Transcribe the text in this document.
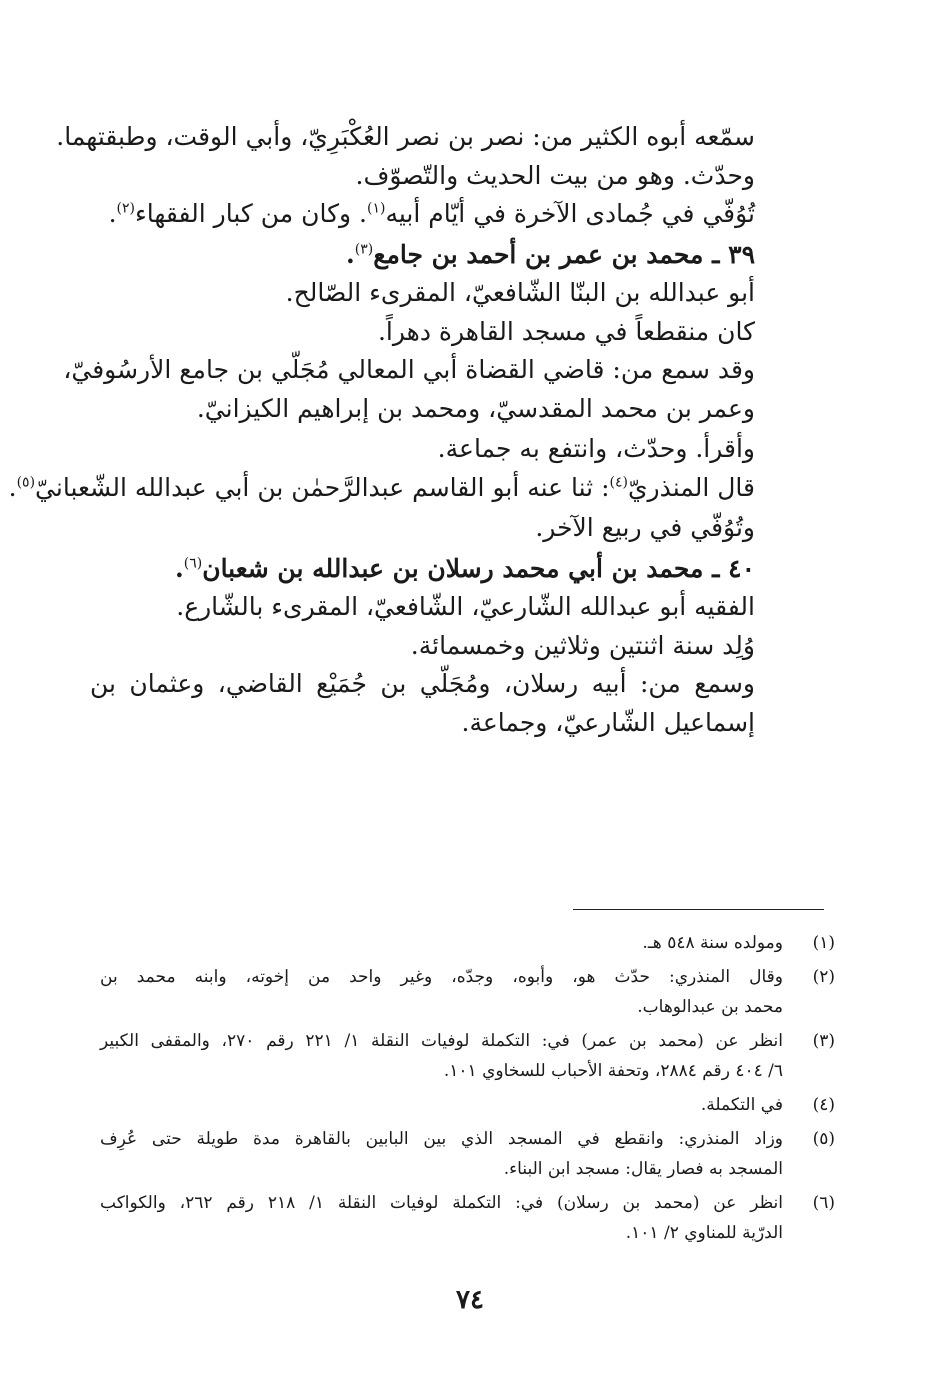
سمّعه أبوه الكثير من: نصر بن نصر العُكْبَرِيّ، وأبي الوقت، وطبقتهما.
وحدّث. وهو من بيت الحديث والتّصوّف.
تُوُفّي في جُمادى الآخرة في أيّام أبيه$^{(١)}$. وكان من كبار الفقهاء$^{(٢)}$.
٣٩ ـ محمد بن عمر بن أحمد بن جامع$^{(٣)}$.
أبو عبدالله بن البنّا الشّافعيّ، المقرىء الصّالح.
كان منقطعاً في مسجد القاهرة دهراً.
وقد سمع من: قاضي القضاة أبي المعالي مُجَلّي بن جامع الأرسُوفيّ،
وعمر بن محمد المقدسيّ، ومحمد بن إبراهيم الكيزانيّ.
وأقرأ. وحدّث، وانتفع به جماعة.
قال المنذريّ$^{(٤)}$: ثنا عنه أبو القاسم عبدالرَّحمٰن بن أبي عبدالله الشّعبانيّ$^{(٥)}$.
وتُوُفّي في ربيع الآخر.
٤٠ ـ محمد بن أبي محمد رسلان بن عبدالله بن شعبان$^{(٦)}$.
الفقيه أبو عبدالله الشّارعيّ، الشّافعيّ، المقرىء بالشّارع.
وُلِد سنة اثنتين وثلاثين وخمسمائة.
وسمع من: أبيه رسلان، ومُجَلّي بن جُمَيْع القاضي، وعثمان بن
إسماعيل الشّارعيّ، وجماعة.
(١)
ومولده سنة ٥٤٨ هـ.
(٢)
وقال المنذري: حدّث هو، وأبوه، وجدّه، وغير واحد من إخوته، وابنه محمد بن
محمد بن عبدالوهاب.
(٣)
انظر عن (محمد بن عمر) في: التكملة لوفيات النقلة ١/ ٢٢١ رقم ٢٧٠، والمقفى الكبير
٦/ ٤٠٤ رقم ٢٨٨٤، وتحفة الأحباب للسخاوي ١٠١.
(٤)
في التكملة.
(٥)
وزاد المنذري: وانقطع في المسجد الذي بين البابين بالقاهرة مدة طويلة حتى عُرِف
المسجد به فصار يقال: مسجد ابن البناء.
(٦)
انظر عن (محمد بن رسلان) في: التكملة لوفيات النقلة ١/ ٢١٨ رقم ٢٦٢، والكواكب
الدرّية للمناوي ٢/ ١٠١.
٧٤
